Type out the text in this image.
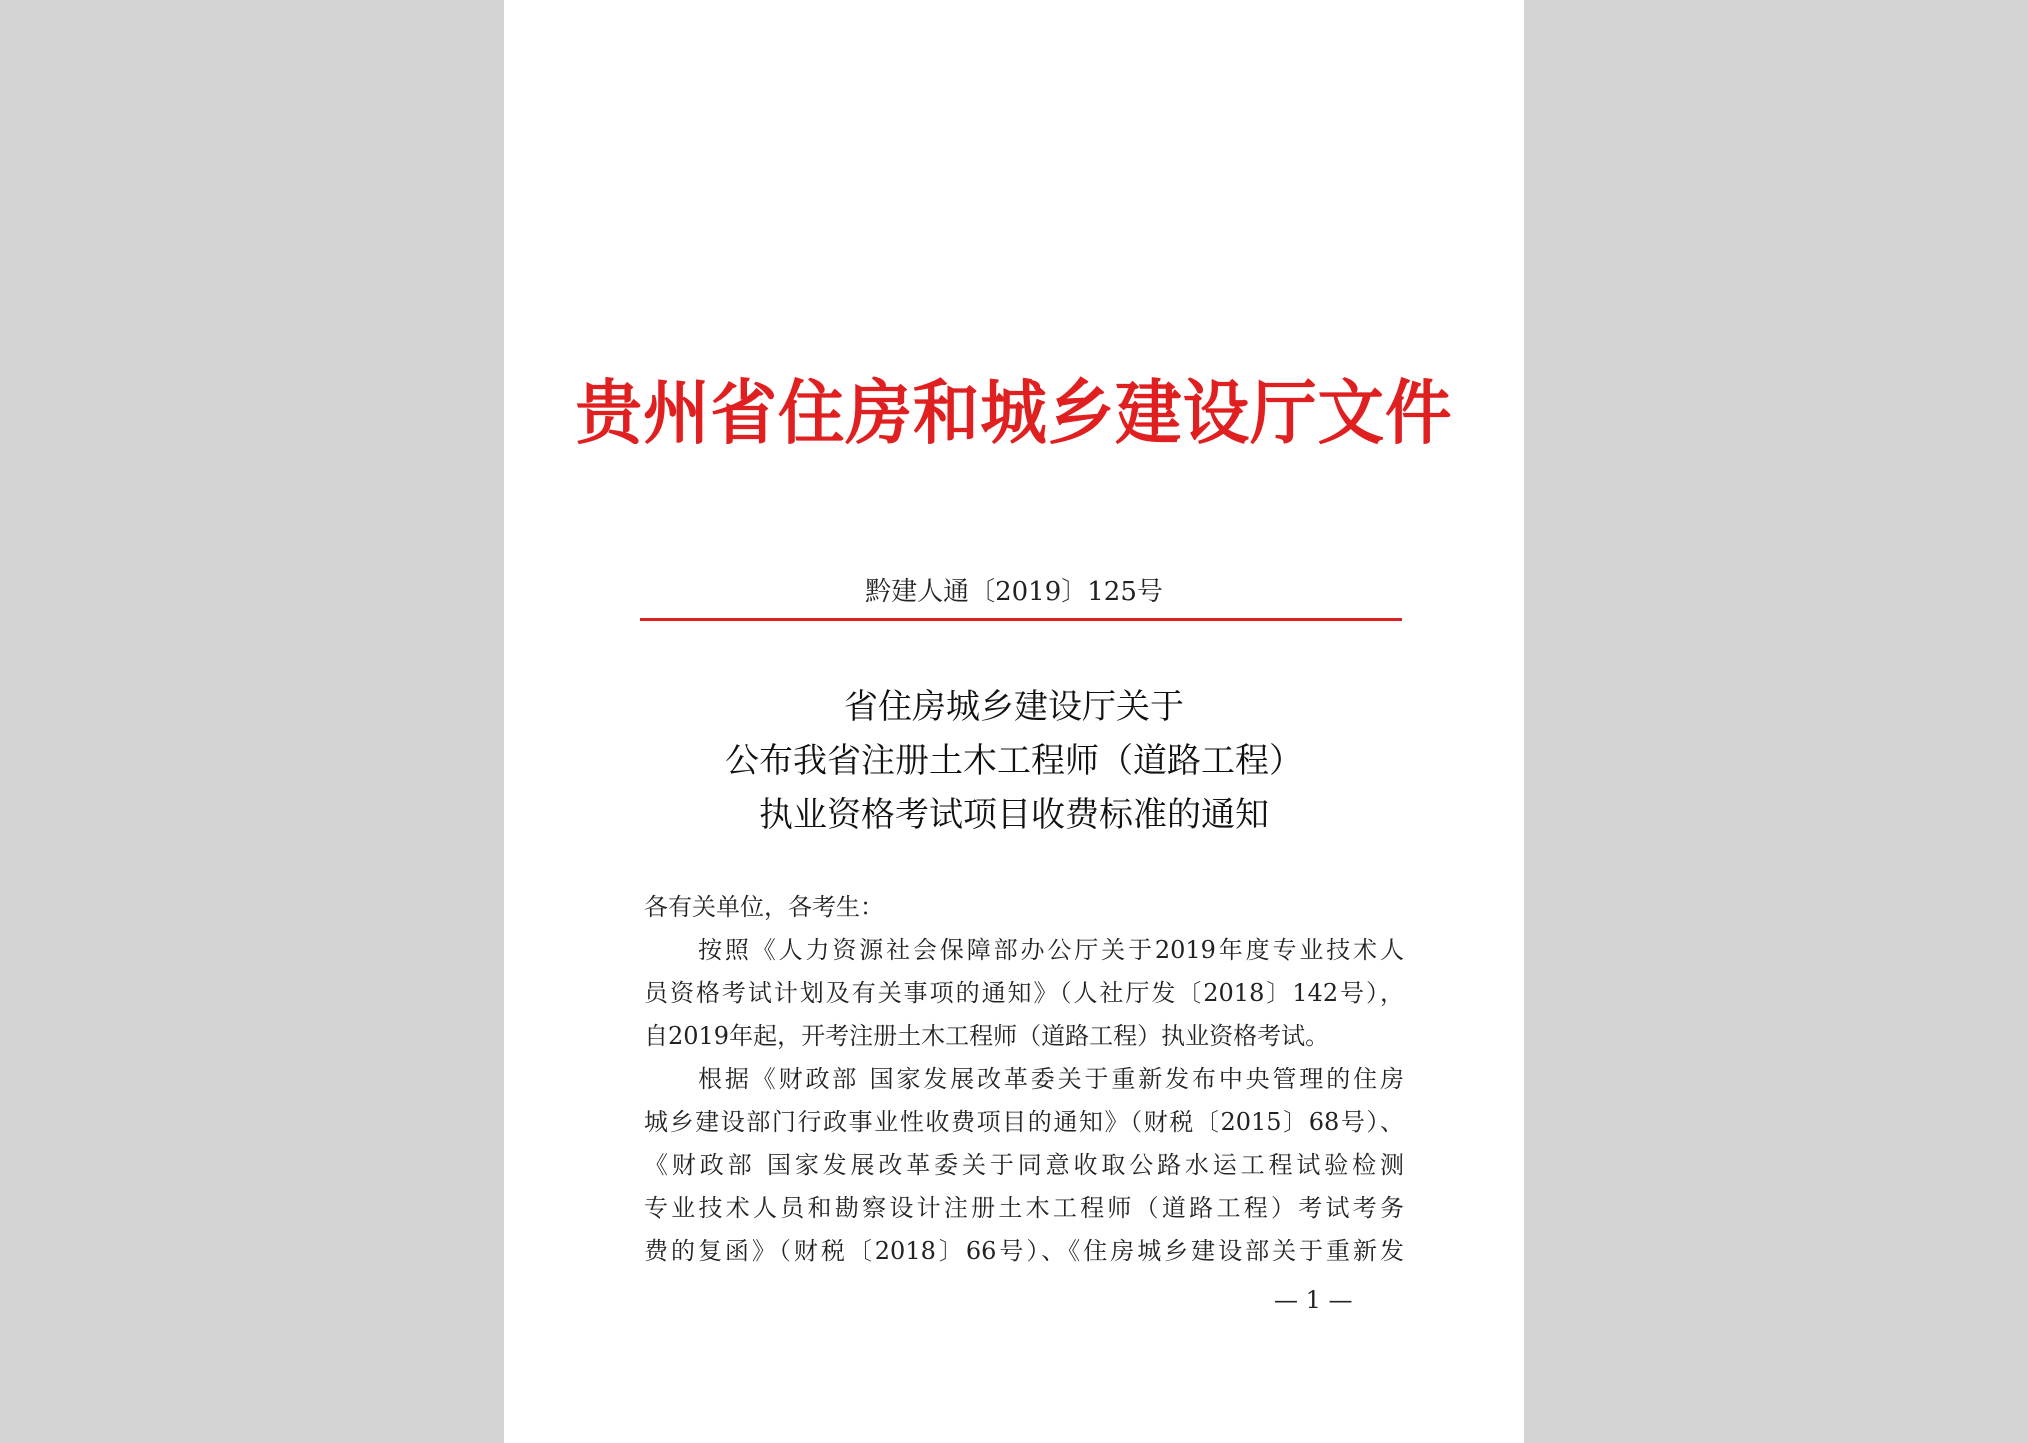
贵州省住房和城乡建设厅文件
黔建人通〔2019〕125号
省住房城乡建设厅关于
公布我省注册土木工程师（道路工程）
执业资格考试项目收费标准的通知
各有关单位，各考生：
按照《人力资源社会保障部办公厅关于2019年度专业技术人
员资格考试计划及有关事项的通知》（人社厅发〔2018〕142号），
自2019年起，开考注册土木工程师（道路工程）执业资格考试。
根据《财政部 国家发展改革委关于重新发布中央管理的住房
城乡建设部门行政事业性收费项目的通知》（财税〔2015〕68号）、
《财政部 国家发展改革委关于同意收取公路水运工程试验检测
专业技术人员和勘察设计注册土木工程师（道路工程）考试考务
费的复函》（财税〔2018〕66号）、《住房城乡建设部关于重新发
— 1 —
